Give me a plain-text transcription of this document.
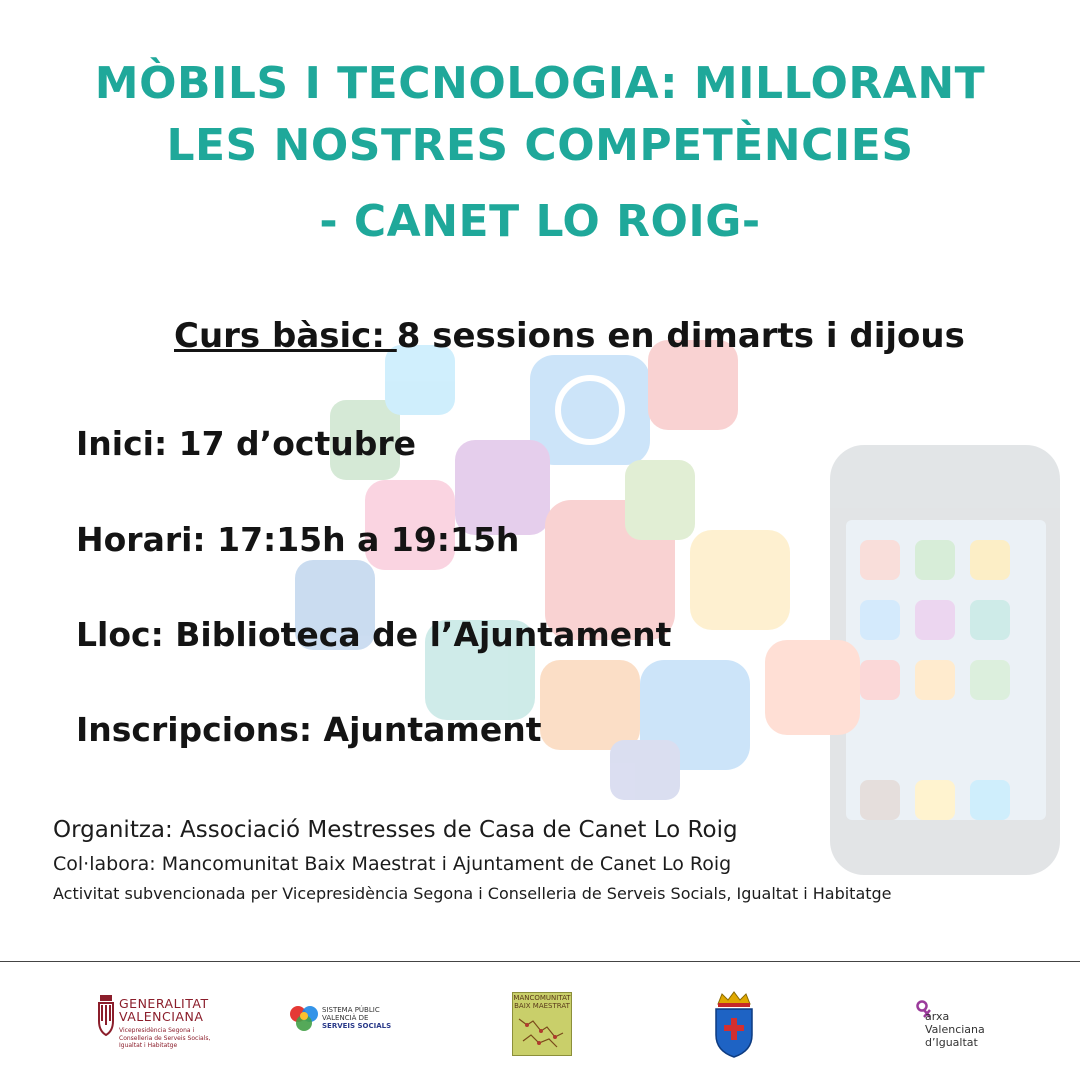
MÒBILS I TECNOLOGIA: MILLORANT
LES NOSTRES COMPETÈNCIES
- CANET LO ROIG-
Curs bàsic: 8 sessions en dimarts i dijous
Inici: 17 d’octubre
Horari: 17:15h a 19:15h
Lloc: Biblioteca de l’Ajuntament
Inscripcions: Ajuntament
Organitza: Associació Mestresses de Casa de Canet Lo Roig
Col·labora: Mancomunitat Baix Maestrat i Ajuntament de Canet Lo Roig
Activitat subvencionada per Vicepresidència Segona i Conselleria de Serveis Socials, Igualtat i Habitatge
GENERALITAT
VALENCIANA
Vicepresidència Segona i Conselleria de Serveis Socials, Igualtat i Habitatge
SISTEMA PÚBLIC
VALENCIÀ DE
SERVEIS SOCIALS
MANCOMUNITAT
BAIX MAESTRAT
arxa
Valenciana
d’Igualtat
